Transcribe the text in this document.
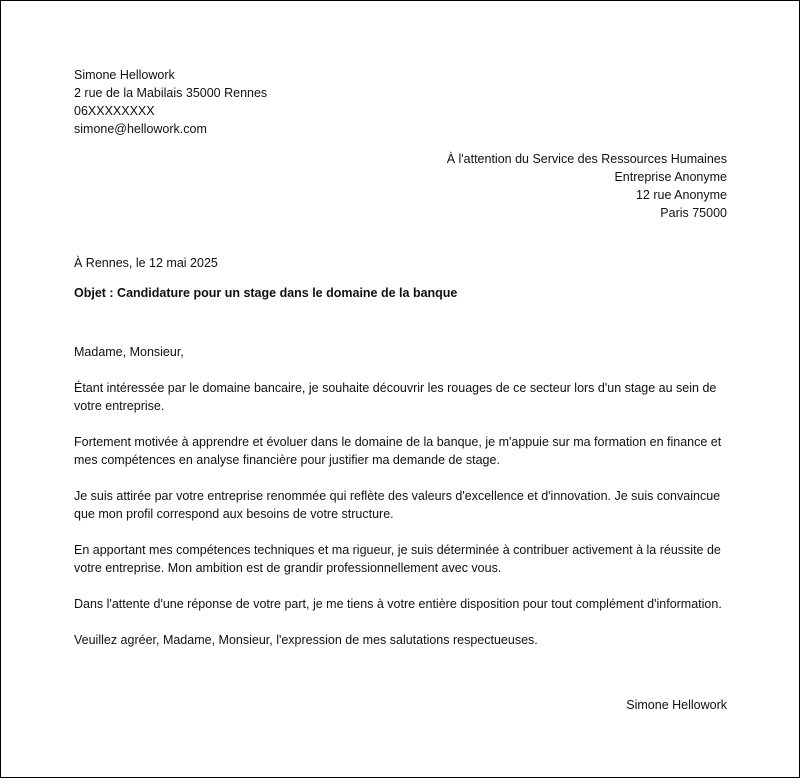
Simone Hellowork
2 rue de la Mabilais 35000 Rennes
06XXXXXXXX
simone@hellowork.com
À l'attention du Service des Ressources Humaines
Entreprise Anonyme
12 rue Anonyme
Paris 75000
À Rennes, le 12 mai 2025
Objet : Candidature pour un stage dans le domaine de la banque

Madame, Monsieur,

Étant intéressée par le domaine bancaire, je souhaite découvrir les rouages de ce secteur lors d'un stage au sein de votre entreprise.

Fortement motivée à apprendre et évoluer dans le domaine de la banque, je m'appuie sur ma formation en finance et mes compétences en analyse financière pour justifier ma demande de stage.

Je suis attirée par votre entreprise renommée qui reflète des valeurs d'excellence et d'innovation. Je suis convaincue que mon profil correspond aux besoins de votre structure.

En apportant mes compétences techniques et ma rigueur, je suis déterminée à contribuer activement à la réussite de votre entreprise. Mon ambition est de grandir professionnellement avec vous.

Dans l'attente d'une réponse de votre part, je me tiens à votre entière disposition pour tout complément d'information.

Veuillez agréer, Madame, Monsieur, l'expression de mes salutations respectueuses.

Simone Hellowork
